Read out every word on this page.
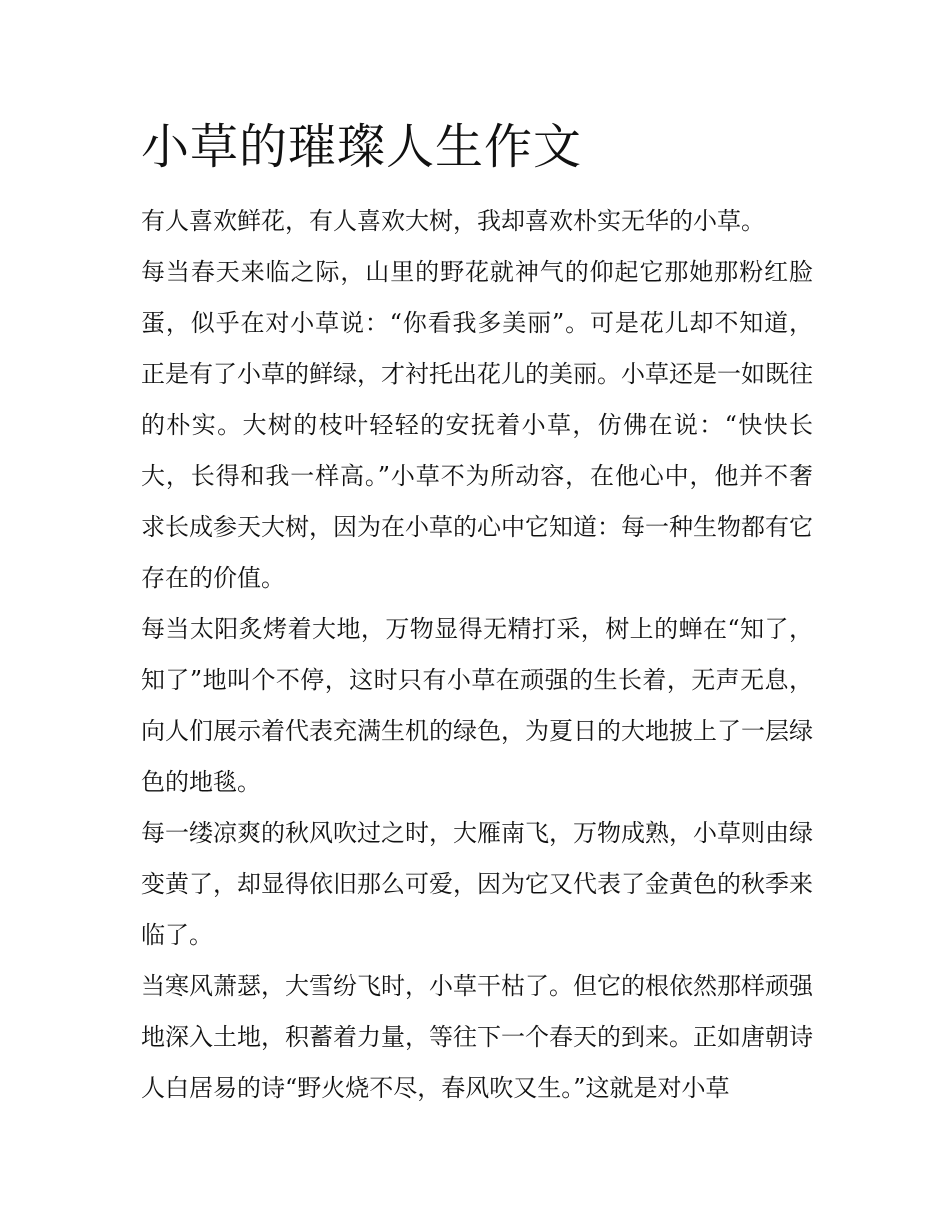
小草的璀璨人生作文

有人喜欢鲜花，有人喜欢大树，我却喜欢朴实无华的小草。

每当春天来临之际，山里的野花就神气的仰起它那她那粉红脸蛋，似乎在对小草说：“你看我多美丽”。可是花儿却不知道，正是有了小草的鲜绿，才衬托出花儿的美丽。小草还是一如既往的朴实。大树的枝叶轻轻的安抚着小草，仿佛在说：“快快长大，长得和我一样高。”小草不为所动容，在他心中，他并不奢求长成参天大树，因为在小草的心中它知道：每一种生物都有它存在的价值。

每当太阳炙烤着大地，万物显得无精打采，树上的蝉在“知了，知了”地叫个不停，这时只有小草在顽强的生长着，无声无息，向人们展示着代表充满生机的绿色，为夏日的大地披上了一层绿色的地毯。

每一缕凉爽的秋风吹过之时，大雁南飞，万物成熟，小草则由绿变黄了，却显得依旧那么可爱，因为它又代表了金黄色的秋季来临了。

当寒风萧瑟，大雪纷飞时，小草干枯了。但它的根依然那样顽强地深入土地，积蓄着力量，等往下一个春天的到来。正如唐朝诗人白居易的诗“野火烧不尽，春风吹又生。”这就是对小草
